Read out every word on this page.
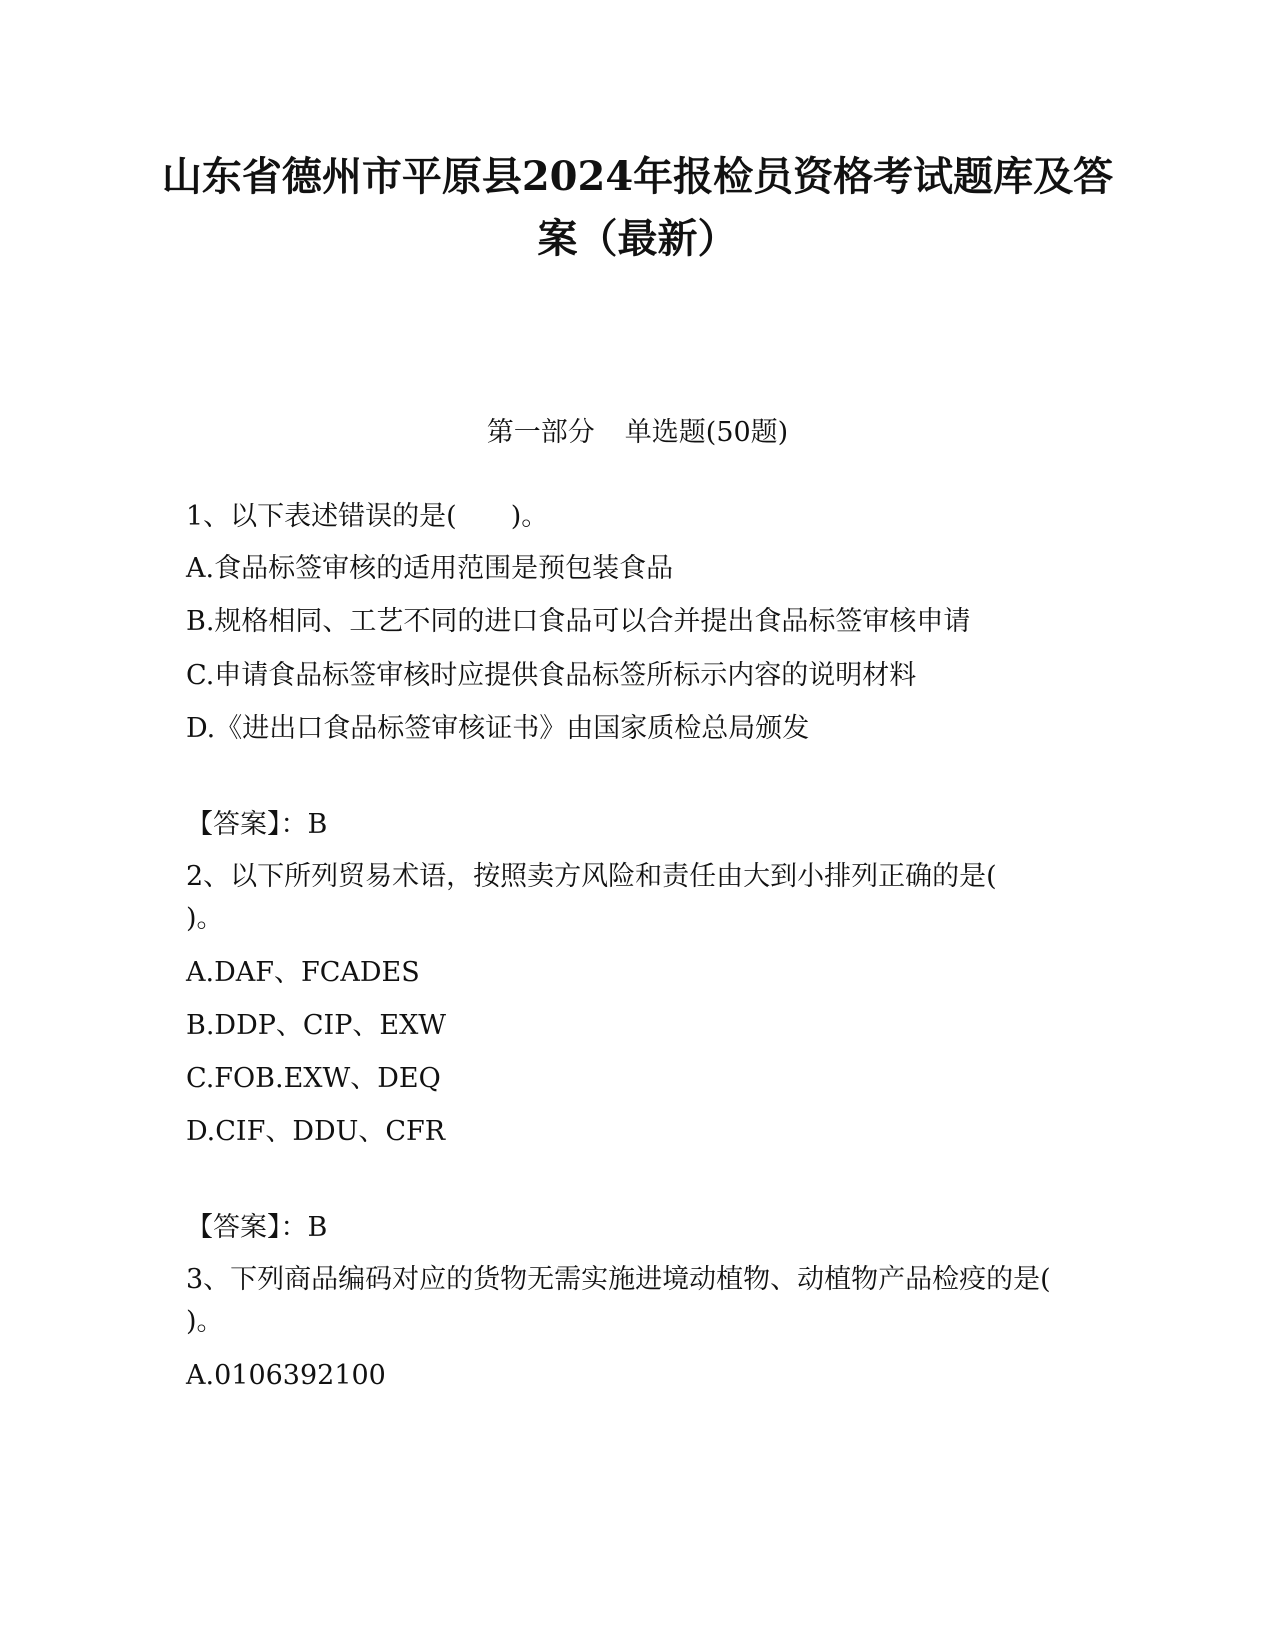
山东省德州市平原县2024年报检员资格考试题库及答案（最新）

第一部分 单选题(50题)

1、以下表述错误的是(　　)。

A.食品标签审核的适用范围是预包装食品

B.规格相同、工艺不同的进口食品可以合并提出食品标签审核申请

C.申请食品标签审核时应提供食品标签所标示内容的说明材料

D.《进出口食品标签审核证书》由国家质检总局颁发

【答案】：B

2、以下所列贸易术语，按照卖方风险和责任由大到小排列正确的是(　　)。

A.DAF、FCADES

B.DDP、CIP、EXW

C.FOB.EXW、DEQ

D.CIF、DDU、CFR

【答案】：B

3、下列商品编码对应的货物无需实施进境动植物、动植物产品检疫的是(　　)。

A.0106392100
